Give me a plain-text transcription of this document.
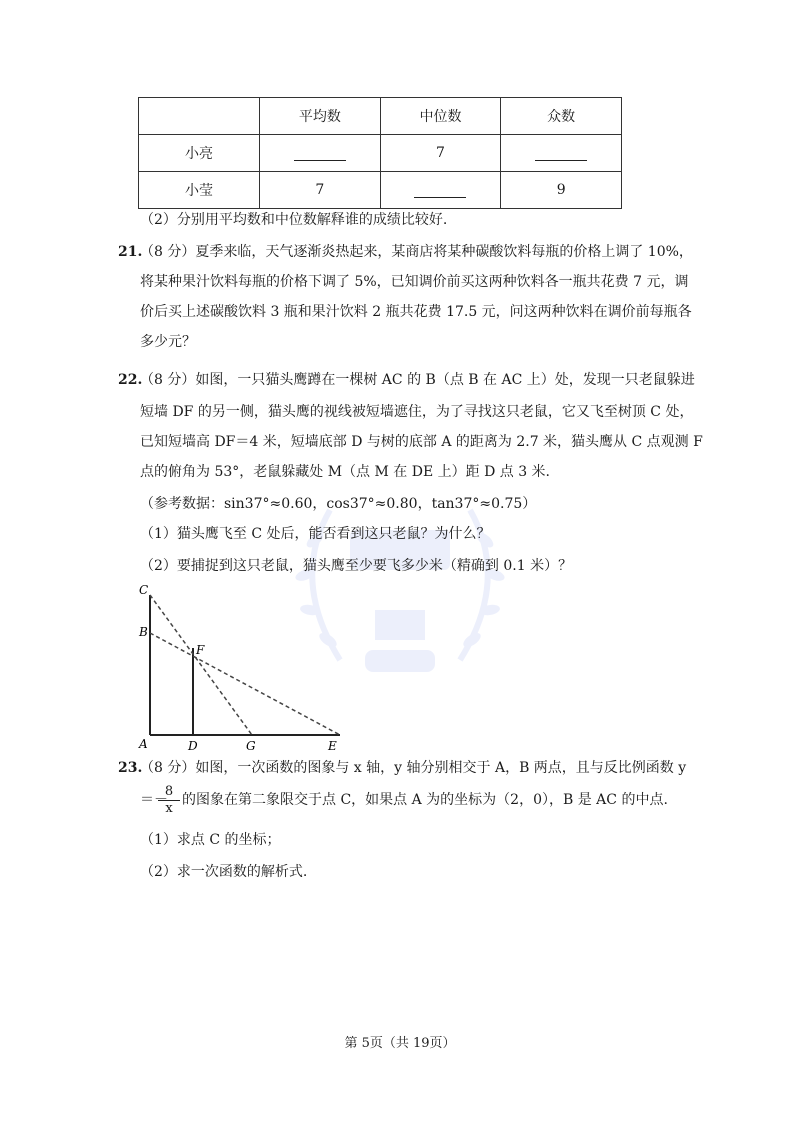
	平均数	中位数	众数
小亮		7	
小莹	7		9
（2）分别用平均数和中位数解释谁的成绩比较好.
21.
（8 分）夏季来临，天气逐渐炎热起来，某商店将某种碳酸饮料每瓶的价格上调了 10%，
将某种果汁饮料每瓶的价格下调了 5%，已知调价前买这两种饮料各一瓶共花费 7 元，调
价后买上述碳酸饮料 3 瓶和果汁饮料 2 瓶共花费 17.5 元，问这两种饮料在调价前每瓶各
多少元？
22.
（8 分）如图，一只猫头鹰蹲在一棵树 AC 的 B（点 B 在 AC 上）处，发现一只老鼠躲进
短墙 DF 的另一侧，猫头鹰的视线被短墙遮住，为了寻找这只老鼠，它又飞至树顶 C 处，
已知短墙高 DF＝4 米，短墙底部 D 与树的底部 A 的距离为 2.7 米，猫头鹰从 C 点观测 F
点的俯角为 53°，老鼠躲藏处 M（点 M 在 DE 上）距 D 点 3 米.
（参考数据：sin37°≈0.60，cos37°≈0.80，tan37°≈0.75）
（1）猫头鹰飞至 C 处后，能否看到这只老鼠？为什么？
（2）要捕捉到这只老鼠，猫头鹰至少要飞多少米（精确到 0.1 米）？
C
B
F
A	D	G	E
23.
（8 分）如图，一次函数的图象与 x 轴，y 轴分别相交于 A，B 两点，且与反比例函数 y
＝－
8
x
的图象在第二象限交于点 C，如果点 A 为的坐标为（2，0），B 是 AC 的中点.
（1）求点 C 的坐标；
（2）求一次函数的解析式.
第 5页（共 19页）
